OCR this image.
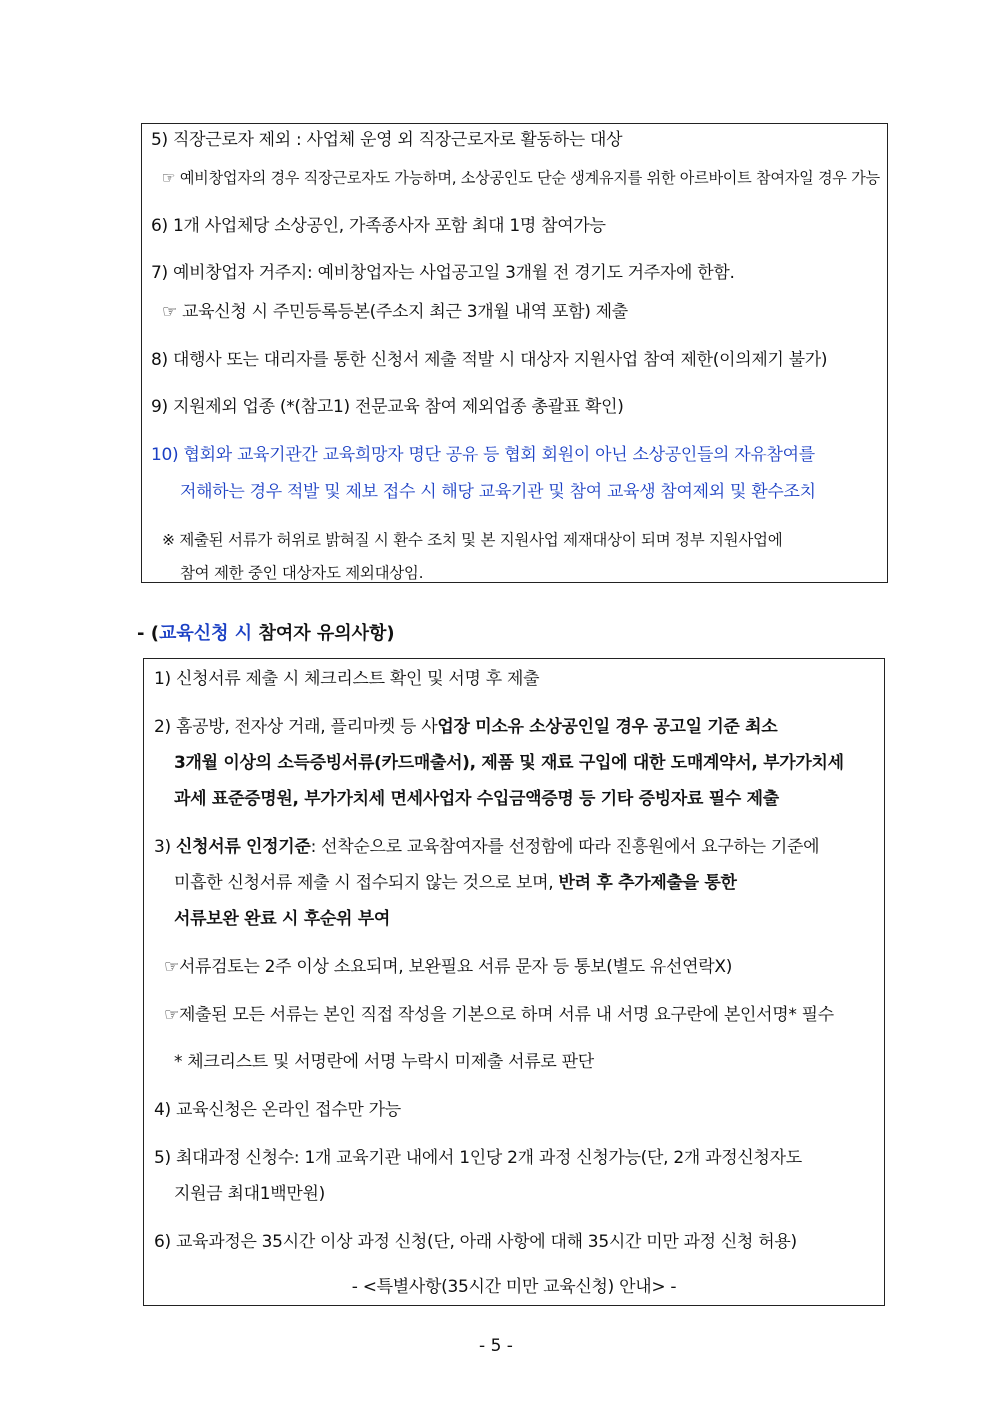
5) 직장근로자 제외 : 사업체 운영 외 직장근로자로 활동하는 대상
☞ 예비창업자의 경우 직장근로자도 가능하며, 소상공인도 단순 생계유지를 위한 아르바이트 참여자일 경우 가능
6) 1개 사업체당 소상공인, 가족종사자 포함 최대 1명 참여가능
7) 예비창업자 거주지: 예비창업자는 사업공고일 3개월 전 경기도 거주자에 한함.
☞ 교육신청 시 주민등록등본(주소지 최근 3개월 내역 포함) 제출
8) 대행사 또는 대리자를 통한 신청서 제출 적발 시 대상자 지원사업 참여 제한(이의제기 불가)
9) 지원제외 업종 (*(참고1) 전문교육 참여 제외업종 총괄표 확인)
10) 협회와 교육기관간 교육희망자 명단 공유 등 협회 회원이 아닌 소상공인들의 자유참여를
저해하는 경우 적발 및 제보 접수 시 해당 교육기관 및 참여 교육생 참여제외 및 환수조치
※ 제출된 서류가 허위로 밝혀질 시 환수 조치 및 본 지원사업 제재대상이 되며 정부 지원사업에
참여 제한 중인 대상자도 제외대상임.
- (교육신청 시 참여자 유의사항)
1) 신청서류 제출 시 체크리스트 확인 및 서명 후 제출
2) 홈공방, 전자상 거래, 플리마켓 등 사업장 미소유 소상공인일 경우 공고일 기준 최소
3개월 이상의 소득증빙서류(카드매출서), 제품 및 재료 구입에 대한 도매계약서, 부가가치세
과세 표준증명원, 부가가치세 면세사업자 수입금액증명 등 기타 증빙자료 필수 제출
3) 신청서류 인정기준: 선착순으로 교육참여자를 선정함에 따라 진흥원에서 요구하는 기준에
미흡한 신청서류 제출 시 접수되지 않는 것으로 보며, 반려 후 추가제출을 통한
서류보완 완료 시 후순위 부여
☞서류검토는 2주 이상 소요되며, 보완필요 서류 문자 등 통보(별도 유선연락X)
☞제출된 모든 서류는 본인 직접 작성을 기본으로 하며 서류 내 서명 요구란에 본인서명* 필수
* 체크리스트 및 서명란에 서명 누락시 미제출 서류로 판단
4) 교육신청은 온라인 접수만 가능
5) 최대과정 신청수: 1개 교육기관 내에서 1인당 2개 과정 신청가능(단, 2개 과정신청자도
지원금 최대1백만원)
6) 교육과정은 35시간 이상 과정 신청(단, 아래 사항에 대해 35시간 미만 과정 신청 허용)
- <특별사항(35시간 미만 교육신청) 안내> -
- 5 -
